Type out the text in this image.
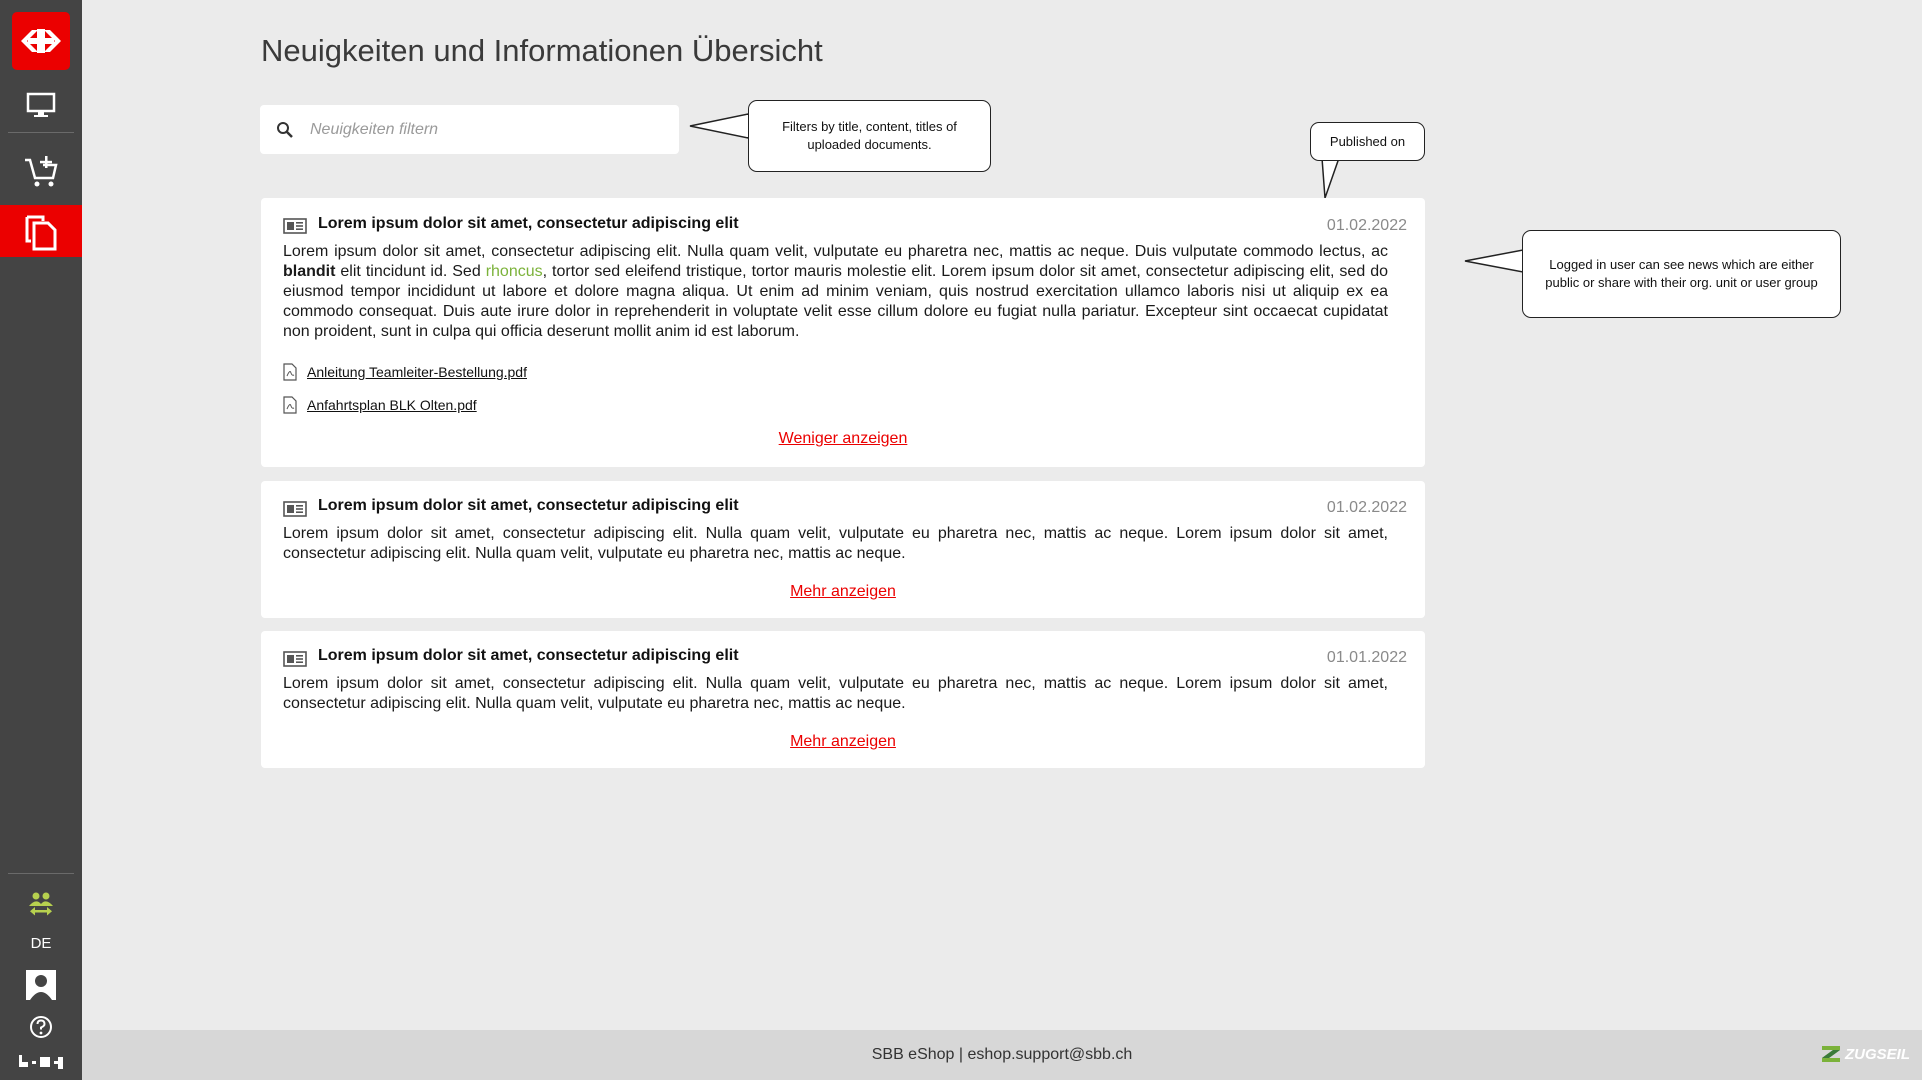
DE
Neuigkeiten und Informationen Übersicht
Neuigkeiten filtern
Filters by title, content, titles of uploaded documents.	Published on
Logged in user can see news which are either public or share with their org. unit or user group
Lorem ipsum dolor sit amet, consectetur adipiscing elit	01.02.2022
Lorem ipsum dolor sit amet, consectetur adipiscing elit. Nulla quam velit, vulputate eu pharetra nec, mattis ac neque. Duis vulputate commodo lectus, ac blandit elit tincidunt id. Sed rhoncus, tortor sed eleifend tristique, tortor mauris molestie elit. Lorem ipsum dolor sit amet, consectetur adipiscing elit, sed do eiusmod tempor incididunt ut labore et dolore magna aliqua. Ut enim ad minim veniam, quis nostrud exercitation ullamco laboris nisi ut aliquip ex ea commodo consequat. Duis aute irure dolor in reprehenderit in voluptate velit esse cillum dolore eu fugiat nulla pariatur. Excepteur sint occaecat cupidatat non proident, sunt in culpa qui officia deserunt mollit anim id est laborum.
Anleitung Teamleiter-Bestellung.pdf
Anfahrtsplan BLK Olten.pdf
Weniger anzeigen
Lorem ipsum dolor sit amet, consectetur adipiscing elit	01.02.2022
Lorem ipsum dolor sit amet, consectetur adipiscing elit. Nulla quam velit, vulputate eu pharetra nec, mattis ac neque. Lorem ipsum dolor sit amet, consectetur adipiscing elit. Nulla quam velit, vulputate eu pharetra nec, mattis ac neque.
Mehr anzeigen
Lorem ipsum dolor sit amet, consectetur adipiscing elit	01.01.2022
Lorem ipsum dolor sit amet, consectetur adipiscing elit. Nulla quam velit, vulputate eu pharetra nec, mattis ac neque. Lorem ipsum dolor sit amet, consectetur adipiscing elit. Nulla quam velit, vulputate eu pharetra nec, mattis ac neque.
Mehr anzeigen
SBB eShop | eshop.support@sbb.ch	ZUGSEIL
